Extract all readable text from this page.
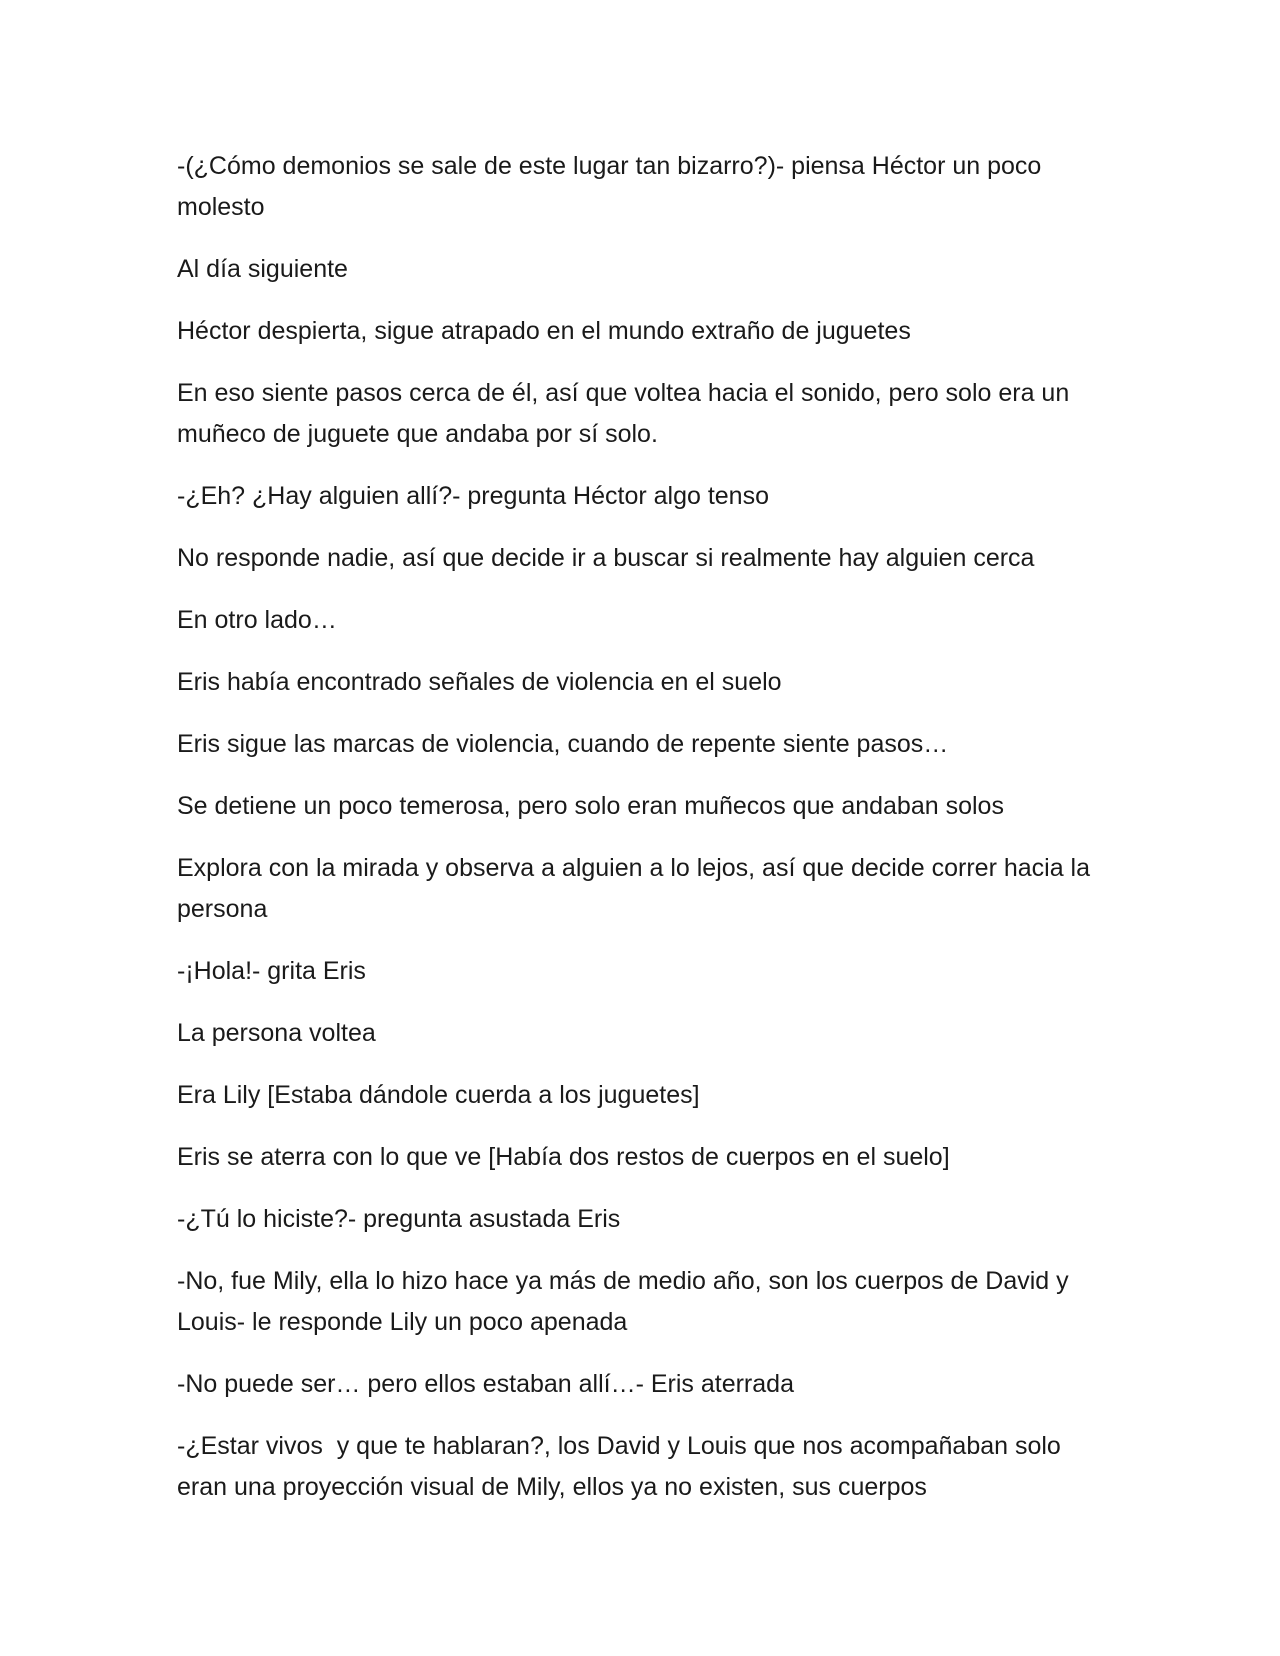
-(¿Cómo demonios se sale de este lugar tan bizarro?)- piensa Héctor un poco molesto

Al día siguiente

Héctor despierta, sigue atrapado en el mundo extraño de juguetes

En eso siente pasos cerca de él, así que voltea hacia el sonido, pero solo era un muñeco de juguete que andaba por sí solo.

-¿Eh? ¿Hay alguien allí?- pregunta Héctor algo tenso

No responde nadie, así que decide ir a buscar si realmente hay alguien cerca

En otro lado…

Eris había encontrado señales de violencia en el suelo

Eris sigue las marcas de violencia, cuando de repente siente pasos…

Se detiene un poco temerosa, pero solo eran muñecos que andaban solos

Explora con la mirada y observa a alguien a lo lejos, así que decide correr hacia la persona

-¡Hola!- grita Eris

La persona voltea

Era Lily [Estaba dándole cuerda a los juguetes]

Eris se aterra con lo que ve [Había dos restos de cuerpos en el suelo]

-¿Tú lo hiciste?- pregunta asustada Eris

-No, fue Mily, ella lo hizo hace ya más de medio año, son los cuerpos de David y Louis- le responde Lily un poco apenada

-No puede ser… pero ellos estaban allí…- Eris aterrada

-¿Estar vivos  y que te hablaran?, los David y Louis que nos acompañaban solo eran una proyección visual de Mily, ellos ya no existen, sus cuerpos
